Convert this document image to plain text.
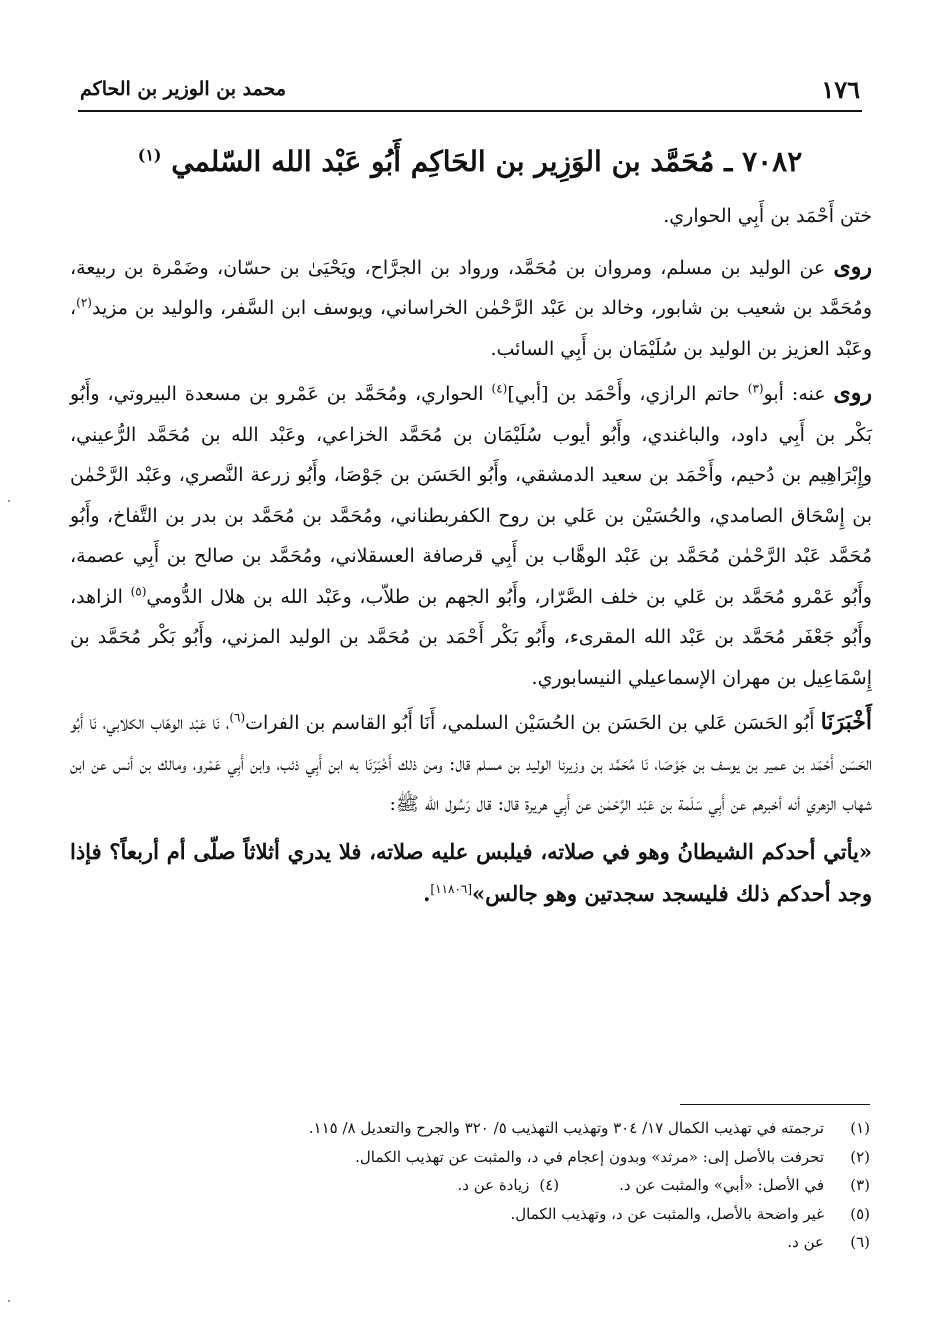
١٧٦
محمد بن الوزير بن الحاكم
٧٠٨٢ ـ مُحَمَّد بن الوَزِير بن الحَاكِم أَبُو عَبْد الله السّلمي $^{(١)}$

ختن أَحْمَد بن أَبِي الحواري.

روى عن الوليد بن مسلم، ومروان بن مُحَمَّد، ورواد بن الجرَّاح، ويَحْيَىٰ بن حسّان، وضَمْرة بن ربيعة، ومُحَمَّد بن شعيب بن شابور، وخالد بن عَبْد الرَّحْمٰن الخراساني، ويوسف ابن السَّفر، والوليد بن مزيد$^{(٢)}$، وعَبْد العزيز بن الوليد بن سُلَيْمَان بن أَبِي السائب.

روى عنه: أبو$^{(٣)}$ حاتم الرازي، وأَحْمَد بن [أبي]$^{(٤)}$ الحواري، ومُحَمَّد بن عَمْرو بن مسعدة البيروتي، وأَبُو بَكْر بن أَبِي داود، والباغندي، وأَبُو أيوب سُلَيْمَان بن مُحَمَّد الخزاعي، وعَبْد الله بن مُحَمَّد الرُّعيني، وإِبْرَاهِيم بن دُحيم، وأَحْمَد بن سعيد الدمشقي، وأَبُو الحَسَن بن جَوْصَا، وأَبُو زرعة النَّصري، وعَبْد الرَّحْمٰن بن إِسْحَاق الصامدي، والحُسَيْن بن عَلي بن روح الكفربطناني، ومُحَمَّد بن مُحَمَّد بن بدر بن التَّفاخ، وأَبُو مُحَمَّد عَبْد الرَّحْمٰن مُحَمَّد بن عَبْد الوهَّاب بن أَبِي قرصافة العسقلاني، ومُحَمَّد بن صالح بن أَبِي عصمة، وأَبُو عَمْرو مُحَمَّد بن عَلي بن خلف الصَّرّار، وأَبُو الجهم بن طلاّب، وعَبْد الله بن هلال الدُّومي$^{(٥)}$ الزاهد، وأَبُو جَعْفَر مُحَمَّد بن عَبْد الله المقرىء، وأَبُو بَكْر أَحْمَد بن مُحَمَّد بن الوليد المزني، وأَبُو بَكْر مُحَمَّد بن إِسْمَاعِيل بن مهران الإسماعيلي النيسابوري.

أَخْبَرَنَا أَبُو الحَسَن عَلي بن الحَسَن بن الحُسَيْن السلمي، أَنَا أَبُو القاسم بن الفرات$^{(٦)}$، نَا عَبْد الوهّاب الكلابي، نَا أَبُو الحَسَن أَحْمَد بن عمير بن يوسف بن جَوْصَا، نَا مُحَمَّد بن وزيرنا الوليد بن مسلم قال: ومن ذلك أَخْبَرَنَا به ابن أَبِي ذئب، وابن أَبِي عَمْرو، ومالك بن أنس عن ابن شهاب الزهري أنه أخبرهم عن أَبِي سَلَمة بن عَبْد الرَّحْمٰن عن أَبِي هريرة قال: قال رَسُول الله ﷺ:

«يأتي أحدكم الشيطانُ وهو في صلاته، فيلبس عليه صلاته، فلا يدري أثلاثاً صلّى أم أربعاً؟ فإذا وجد أحدكم ذلك فليسجد سجدتين وهو جالس»[١١٨٠٦].

(١)
ترجمته في تهذيب الكمال ١٧/ ٣٠٤ وتهذيب التهذيب ٥/ ٣٢٠ والجرح والتعديل ٨/ ١١٥.
(٢)
تحرفت بالأصل إلى: «مرثد» وبدون إعجام في د، والمثبت عن تهذيب الكمال.
(٣)
في الأصل: «أبي» والمثبت عن د.
(٤)
زيادة عن د.
(٥)
غير واضحة بالأصل، والمثبت عن د، وتهذيب الكمال.
(٦)
عن د.
